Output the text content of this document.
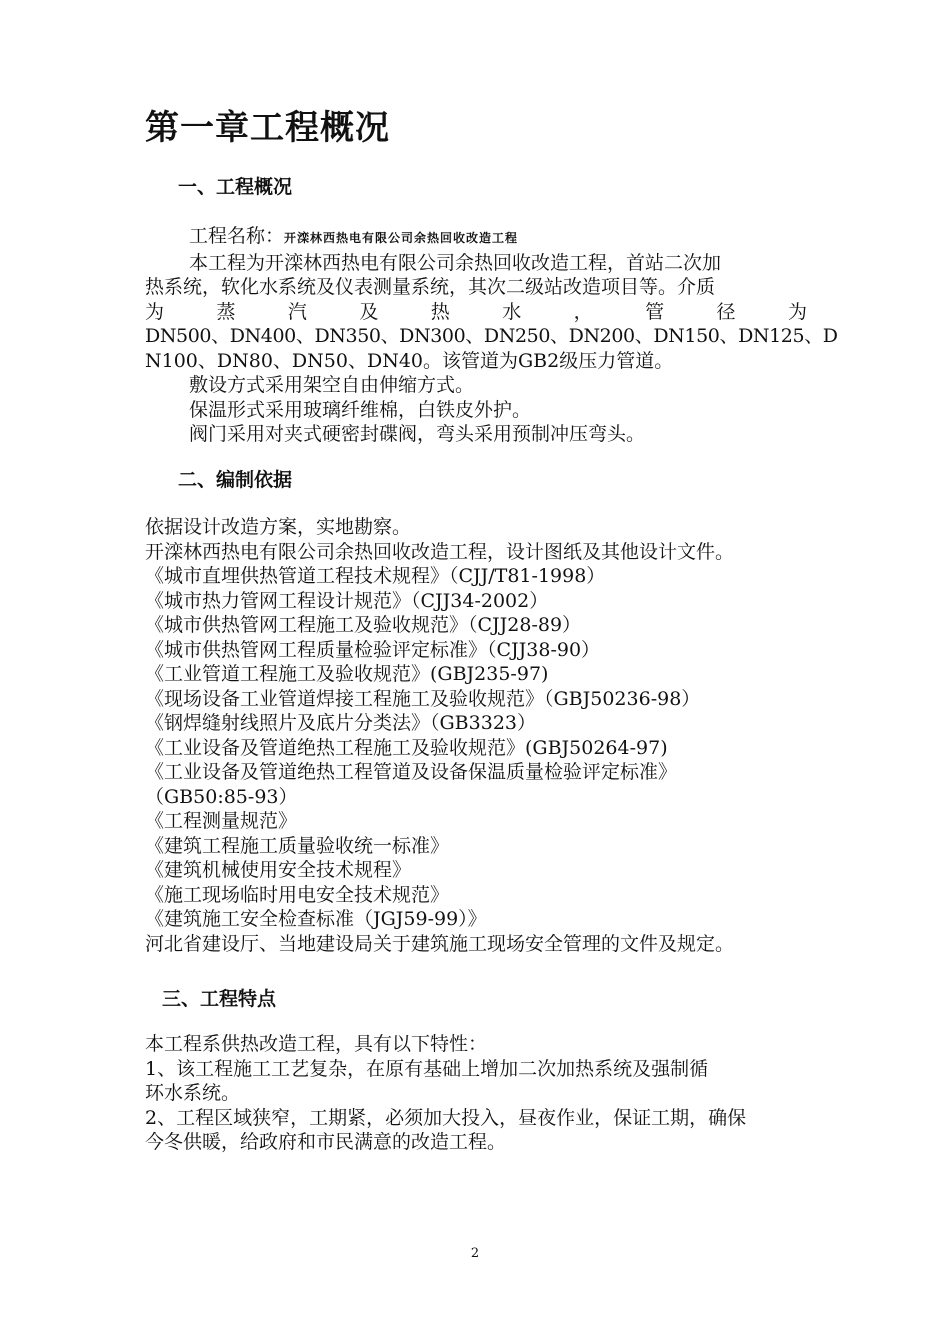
第一章工程概况
一、工程概况

工程名称：开滦林西热电有限公司余热回收改造工程

本工程为开滦林西热电有限公司余热回收改造工程，首站二次加

热系统，软化水系统及仪表测量系统，其次二级站改造项目等。介质

为	蒸	汽	及	热	水	，	管	径	为

DN500、DN400、DN350、DN300、DN250、DN200、DN150、DN125、D

N100、DN80、DN50、DN40。该管道为GB2级压力管道。

敷设方式采用架空自由伸缩方式。

保温形式采用玻璃纤维棉，白铁皮外护。

阀门采用对夹式硬密封碟阀，弯头采用预制冲压弯头。

二、编制依据

依据设计改造方案，实地勘察。

开滦林西热电有限公司余热回收改造工程，设计图纸及其他设计文件。

《城市直埋供热管道工程技术规程》（CJJ/T81-1998）

《城市热力管网工程设计规范》（CJJ34-2002）

《城市供热管网工程施工及验收规范》（CJJ28-89）

《城市供热管网工程质量检验评定标准》（CJJ38-90）

《工业管道工程施工及验收规范》(GBJ235-97)

《现场设备工业管道焊接工程施工及验收规范》（GBJ50236-98）

《钢焊缝射线照片及底片分类法》（GB3323）

《工业设备及管道绝热工程施工及验收规范》(GBJ50264-97)

《工业设备及管道绝热工程管道及设备保温质量检验评定标准》

（GB50:85-93）

《工程测量规范》

《建筑工程施工质量验收统一标准》

《建筑机械使用安全技术规程》

《施工现场临时用电安全技术规范》

《建筑施工安全检查标准（JGJ59-99）》

河北省建设厅、当地建设局关于建筑施工现场安全管理的文件及规定。

三、工程特点

本工程系供热改造工程，具有以下特性：

1、该工程施工工艺复杂，在原有基础上增加二次加热系统及强制循

环水系统。

2、工程区域狭窄，工期紧，必须加大投入，昼夜作业，保证工期，确保

今冬供暖，给政府和市民满意的改造工程。

2
